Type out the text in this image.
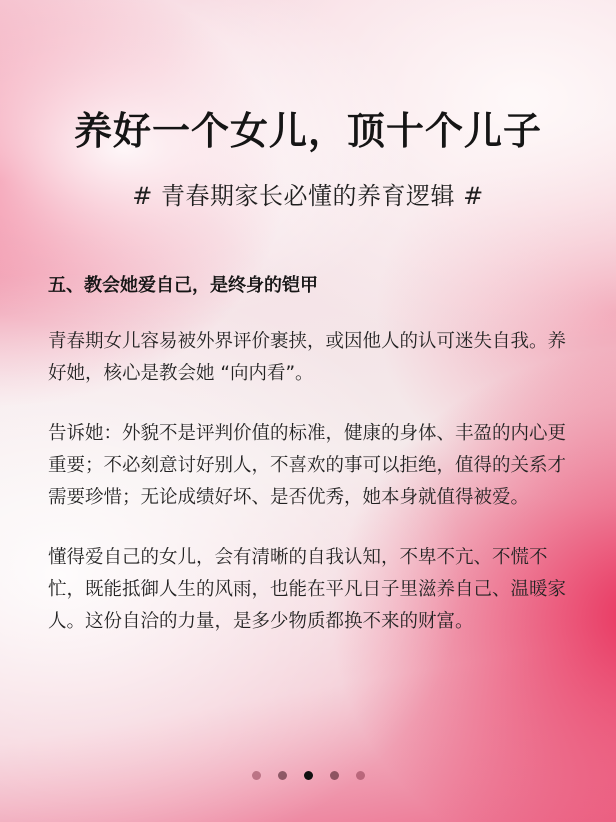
养好一个女儿，顶十个儿子
# 青春期家长必懂的养育逻辑 #
五、教会她爱自己，是终身的铠甲

青春期女儿容易被外界评价裹挟，或因他人的认可迷失自我。养好她，核心是教会她 “向内看”。

告诉她：外貌不是评判价值的标准，健康的身体、丰盈的内心更重要；不必刻意讨好别人，不喜欢的事可以拒绝，值得的关系才需要珍惜；无论成绩好坏、是否优秀，她本身就值得被爱。

懂得爱自己的女儿，会有清晰的自我认知，不卑不亢、不慌不忙，既能抵御人生的风雨，也能在平凡日子里滋养自己、温暖家人。这份自洽的力量，是多少物质都换不来的财富。
